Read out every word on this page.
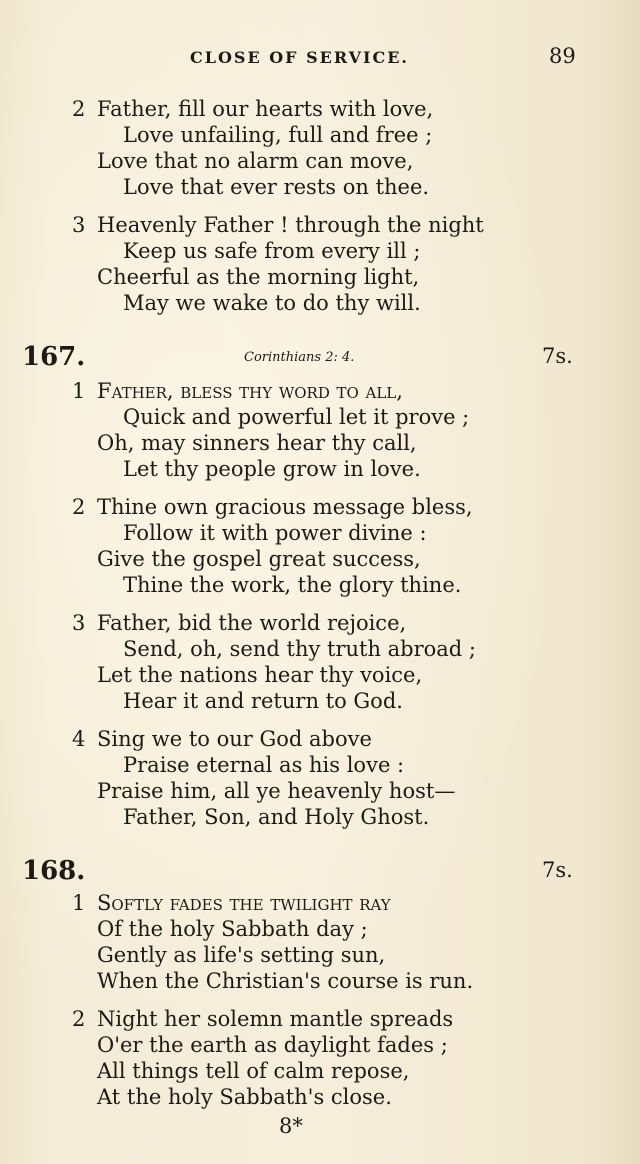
CLOSE OF SERVICE.	89
2 Father, fill our hearts with love,
Love unfailing, full and free ;
Love that no alarm can move,
Love that ever rests on thee.
3 Heavenly Father ! through the night
Keep us safe from every ill ;
Cheerful as the morning light,
May we wake to do thy will.
167.	Corinthians 2: 4.	7s.
1 Father, bless thy word to all,
Quick and powerful let it prove ;
Oh, may sinners hear thy call,
Let thy people grow in love.
2 Thine own gracious message bless,
Follow it with power divine :
Give the gospel great success,
Thine the work, the glory thine.
3 Father, bid the world rejoice,
Send, oh, send thy truth abroad ;
Let the nations hear thy voice,
Hear it and return to God.
4 Sing we to our God above
Praise eternal as his love :
Praise him, all ye heavenly host—
Father, Son, and Holy Ghost.
168.	7s.
1 Softly fades the twilight ray
Of the holy Sabbath day ;
Gently as life's setting sun,
When the Christian's course is run.
2 Night her solemn mantle spreads
O'er the earth as daylight fades ;
All things tell of calm repose,
At the holy Sabbath's close.
8*
